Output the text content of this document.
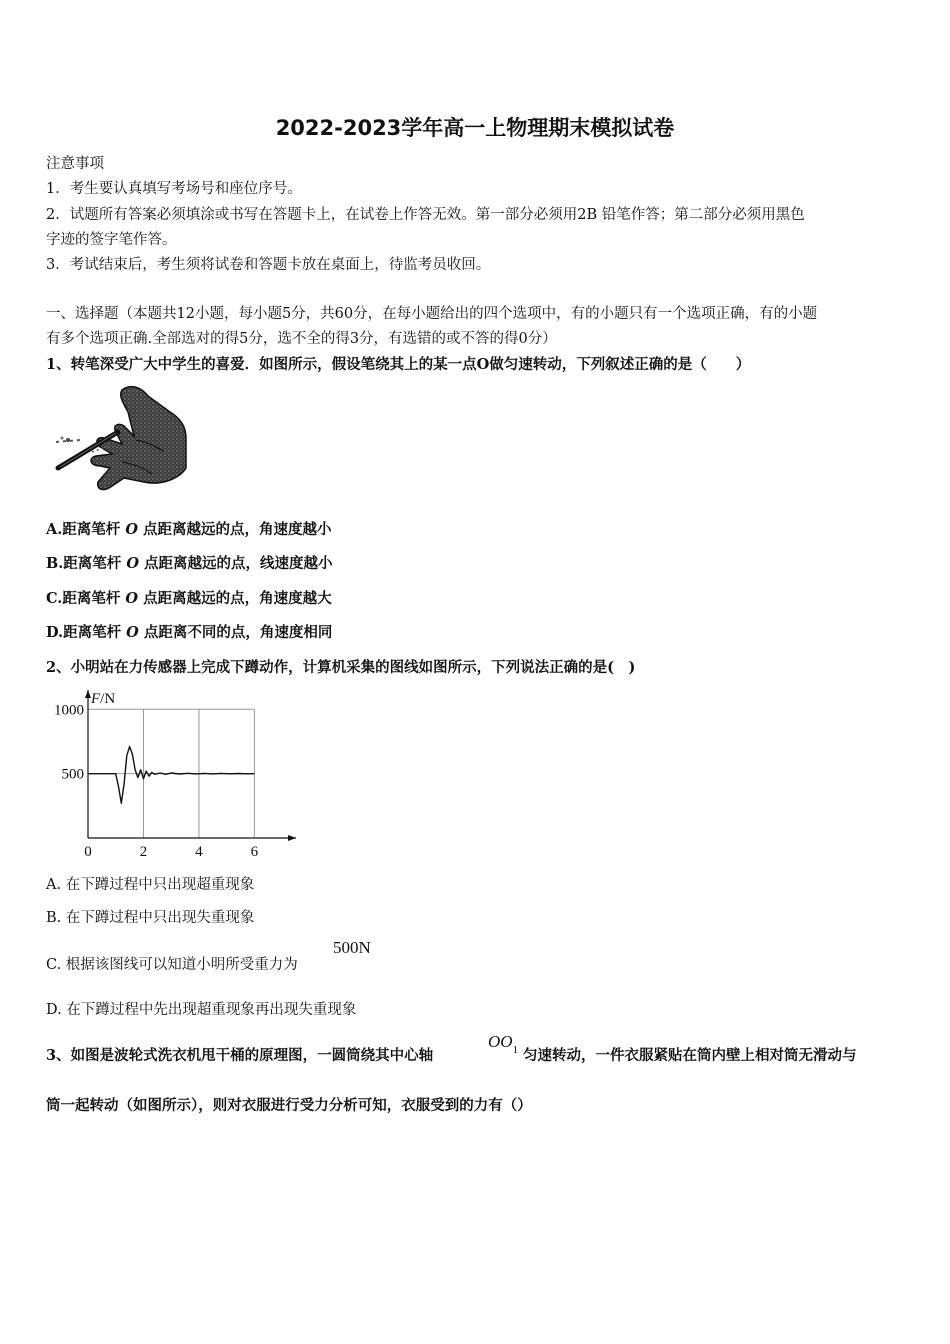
2022-2023学年高一上物理期末模拟试卷
注意事项
1．考生要认真填写考场号和座位序号。
2．试题所有答案必须填涂或书写在答题卡上，在试卷上作答无效。第一部分必须用2B 铅笔作答；第二部分必须用黑色
字迹的签字笔作答。
3．考试结束后，考生须将试卷和答题卡放在桌面上，待监考员收回。
一、选择题（本题共12小题，每小题5分，共60分，在每小题给出的四个选项中，有的小题只有一个选项正确，有的小题
有多个选项正确.全部选对的得5分，选不全的得3分，有选错的或不答的得0分）
1、转笔深受广大中学生的喜爱．如图所示，假设笔绕其上的某一点O做匀速转动，下列叙述正确的是（　　）
A.距离笔杆 O 点距离越远的点，角速度越小
B.距离笔杆 O 点距离越远的点，线速度越小
C.距离笔杆 O 点距离越远的点，角速度越大
D.距离笔杆 O 点距离不同的点，角速度相同
2、小明站在力传感器上完成下蹲动作，计算机采集的图线如图所示，下列说法正确的是(　)
0	2	4	6
500
1000
F/N
A. 在下蹲过程中只出现超重现象
B. 在下蹲过程中只出现失重现象
C. 根据该图线可以知道小明所受重力为
500N
D. 在下蹲过程中先出现超重现象再出现失重现象
3、如图是波轮式洗衣机甩干桶的原理图，一圆筒绕其中心轴
$OO_1$ 匀速转动，一件衣服紧贴在筒内壁上相对筒无滑动与
筒一起转动（如图所示），则对衣服进行受力分析可知，衣服受到的力有（）
